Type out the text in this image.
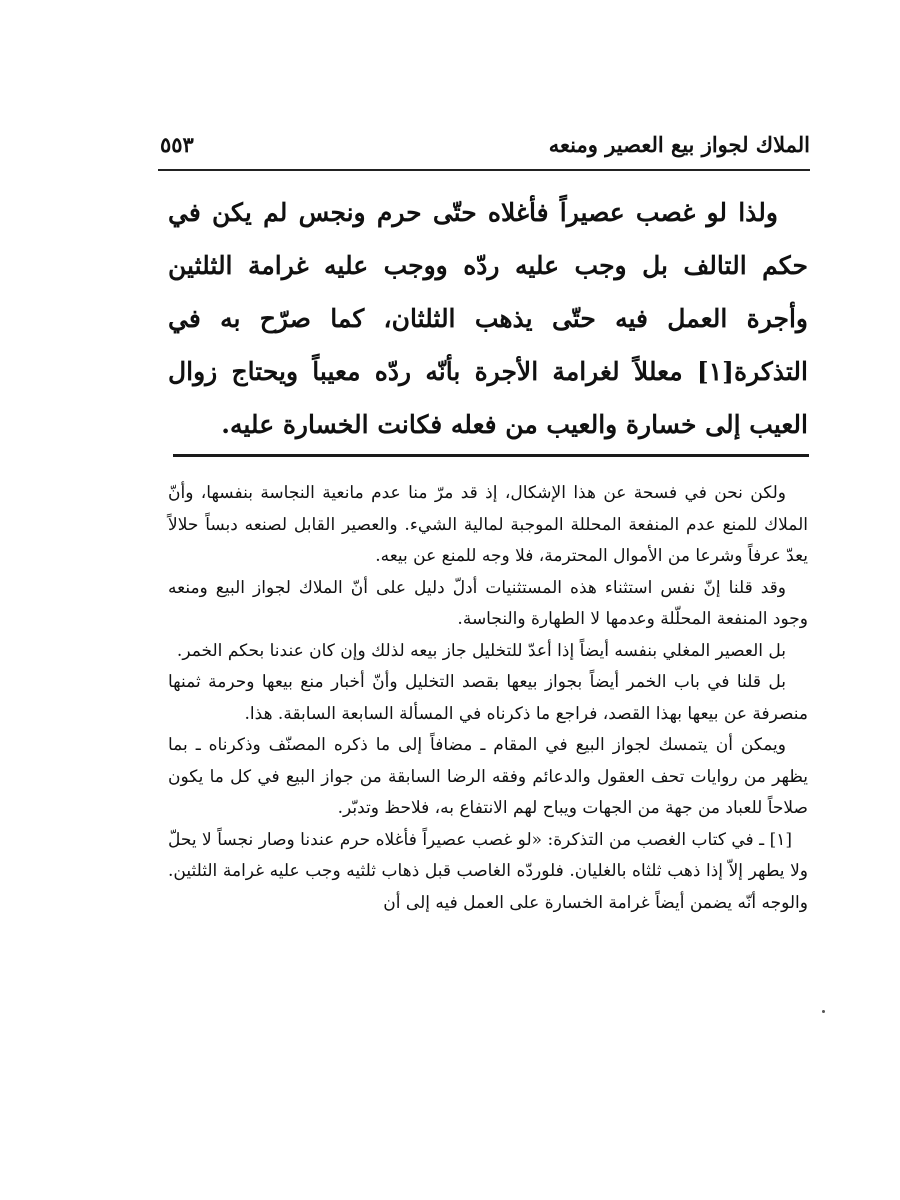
الملاك لجواز بيع العصير ومنعه
٥٥٣

ولذا لو غصب عصيراً فأغلاه حتّى حرم ونجس لم يكن في حكم التالف بل وجب عليه ردّه ووجب عليه غرامة الثلثين وأجرة العمل فيه حتّى يذهب الثلثان، كما صرّح به في التذكرة[١] معللاً لغرامة الأجرة بأنّه ردّه معيباً ويحتاج زوال العيب إلى خسارة والعيب من فعله فكانت الخسارة عليه.

ولكن نحن في فسحة عن هذا الإشكال، إذ قد مرّ منا عدم مانعية النجاسة بنفسها، وأنّ الملاك للمنع عدم المنفعة المحللة الموجبة لمالية الشيء. والعصير القابل لصنعه دبساً حلالاً يعدّ عرفاً وشرعا من الأموال المحترمة، فلا وجه للمنع عن بيعه.

وقد قلنا إنّ نفس استثناء هذه المستثنيات أدلّ دليل على أنّ الملاك لجواز البيع ومنعه وجود المنفعة المحلّلة وعدمها لا الطهارة والنجاسة.

بل العصير المغلي بنفسه أيضاً إذا أعدّ للتخليل جاز بيعه لذلك وإن كان عندنا بحكم الخمر.

بل قلنا في باب الخمر أيضاً بجواز بيعها بقصد التخليل وأنّ أخبار منع بيعها وحرمة ثمنها منصرفة عن بيعها بهذا القصد، فراجع ما ذكرناه في المسألة السابعة السابقة. هذا.

ويمكن أن يتمسك لجواز البيع في المقام ـ مضافاً إلى ما ذكره المصنّف وذكرناه ـ بما يظهر من روايات تحف العقول والدعائم وفقه الرضا السابقة من جواز البيع في كل ما يكون صلاحاً للعباد من جهة من الجهات ويباح لهم الانتفاع به، فلاحظ وتدبّر.

[١] ـ في كتاب الغصب من التذكرة: «لو غصب عصيراً فأغلاه حرم عندنا وصار نجساً لا يحلّ ولا يطهر إلاّ إذا ذهب ثلثاه بالغليان. فلوردّه الغاصب قبل ذهاب ثلثيه وجب عليه غرامة الثلثين. والوجه أنّه يضمن أيضاً غرامة الخسارة على العمل فيه إلى أن
